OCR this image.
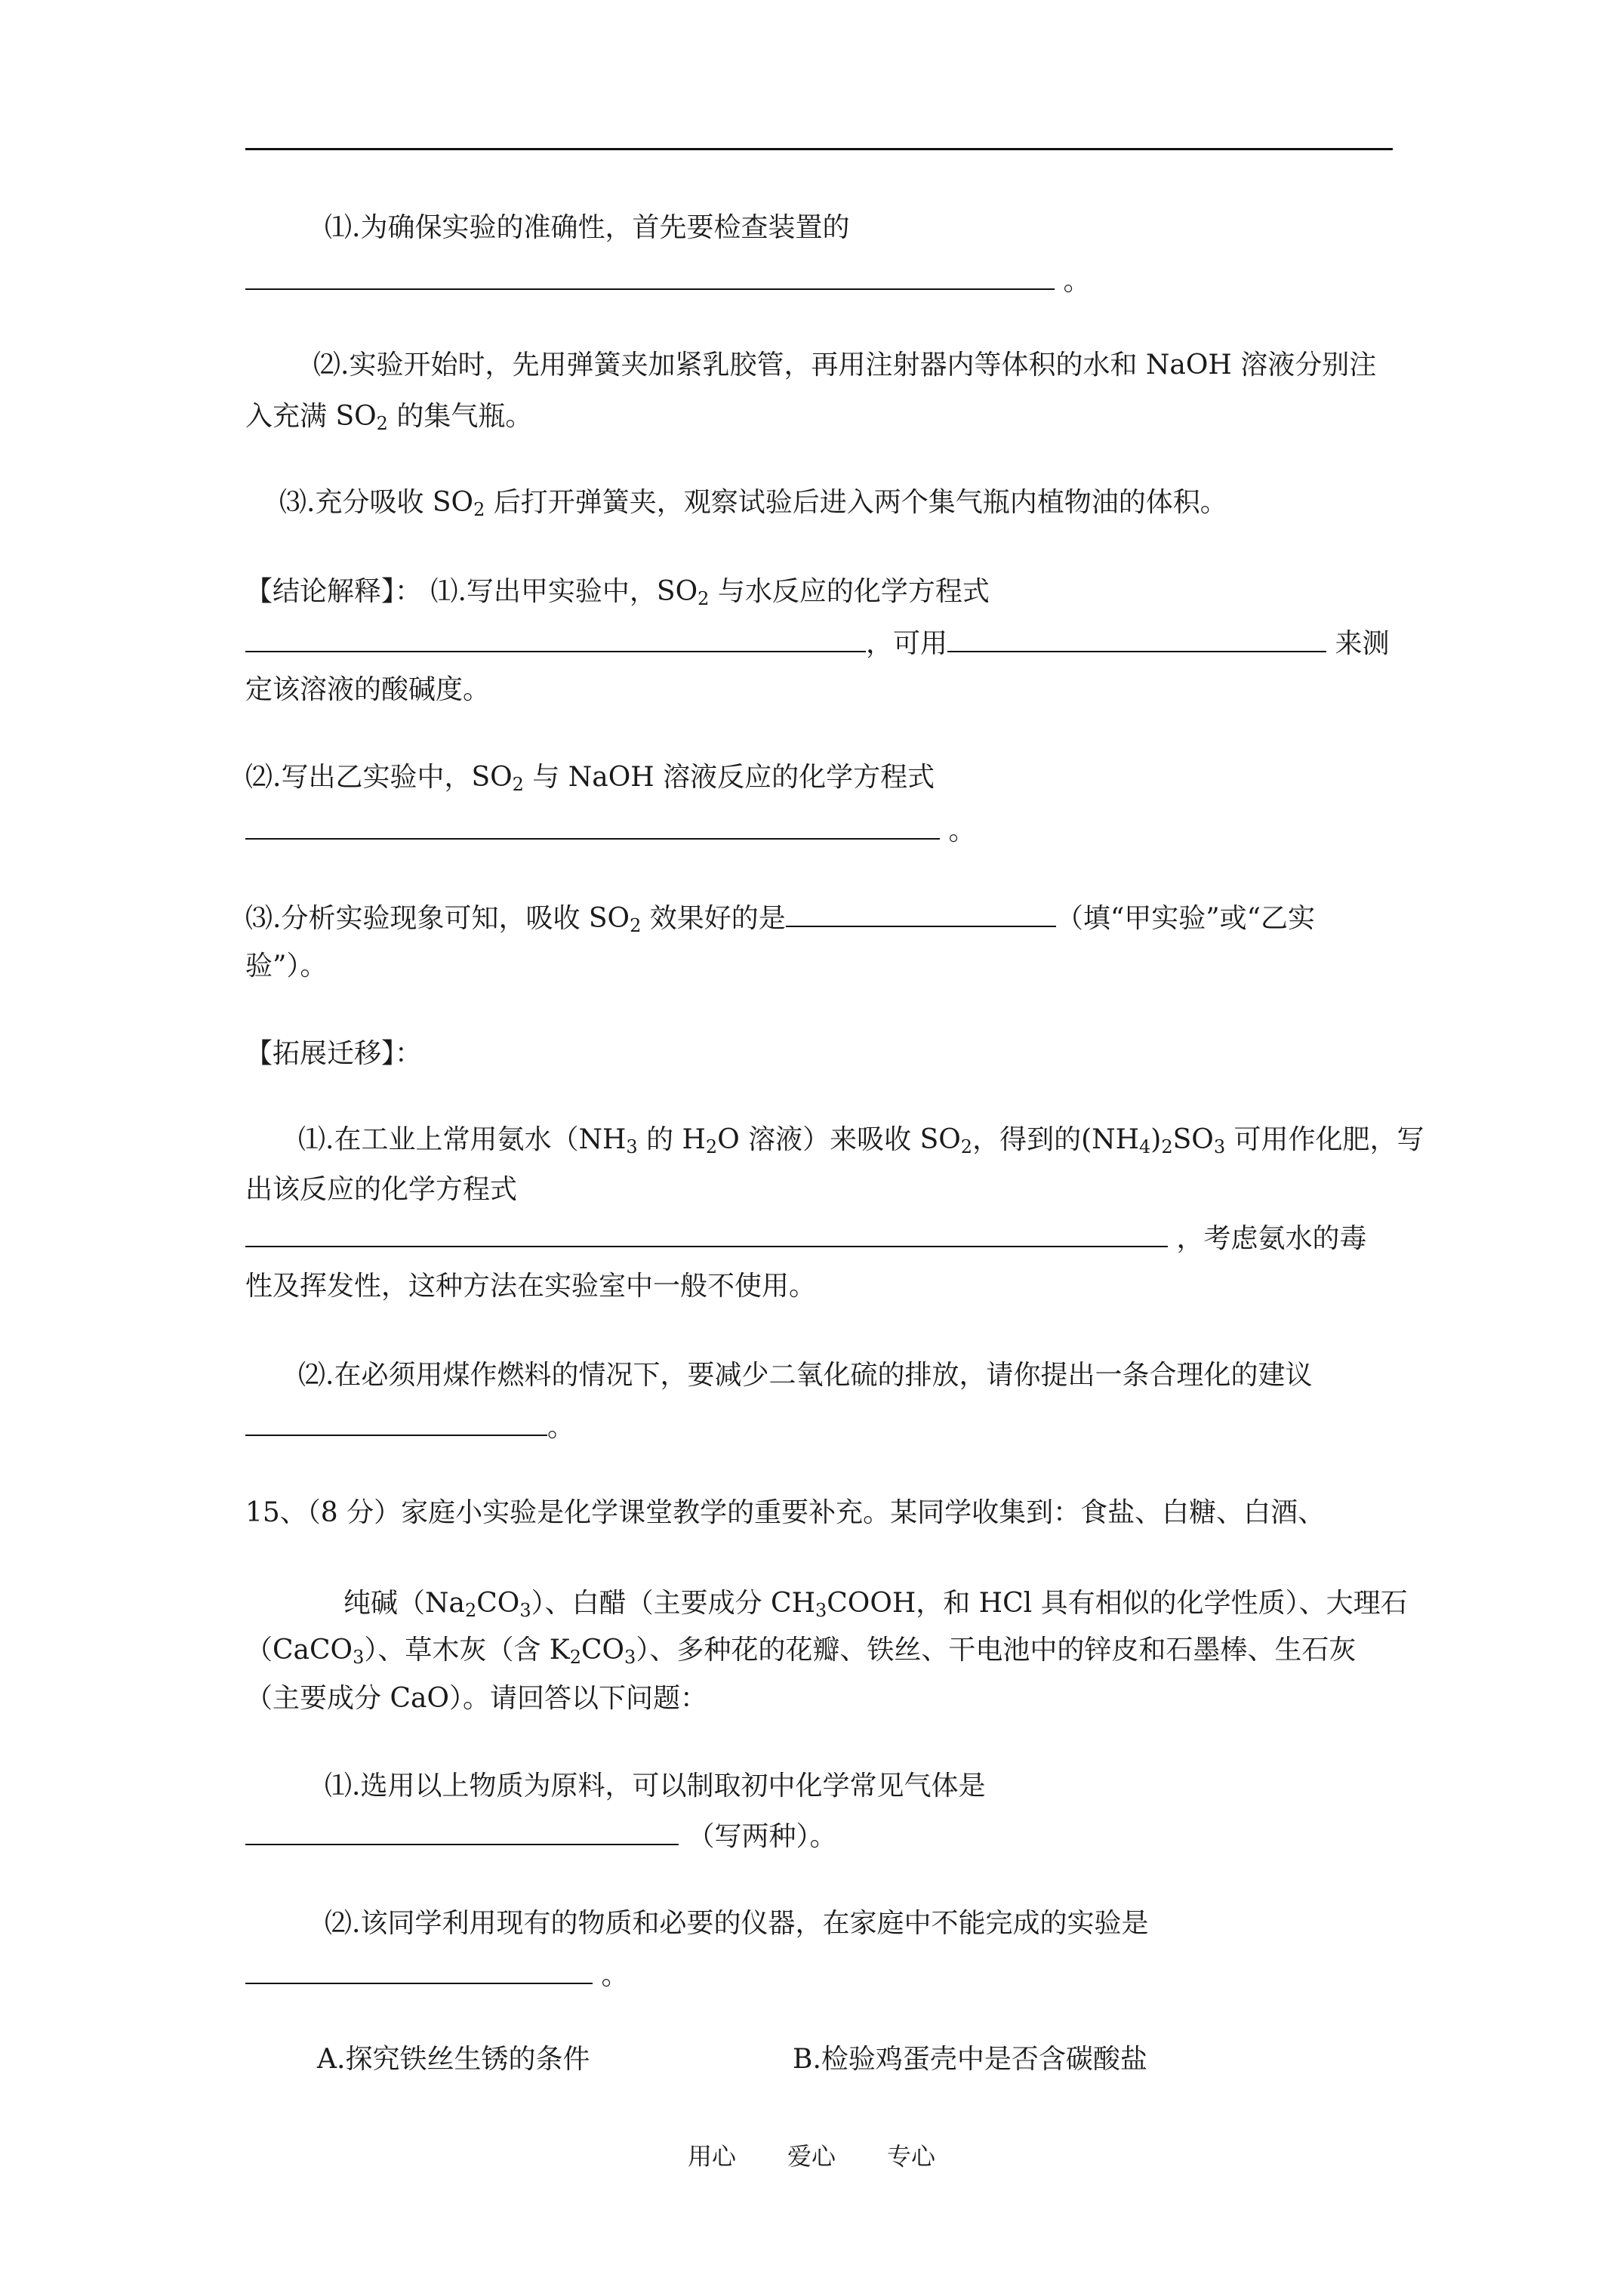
⑴.为确保实验的准确性，首先要检查装置的
。
⑵.实验开始时，先用弹簧夹加紧乳胶管，再用注射器内等体积的水和 NaOH 溶液分别注
入充满 $SO_2$ 的集气瓶。
⑶.充分吸收 $SO_2$ 后打开弹簧夹，观察试验后进入两个集气瓶内植物油的体积。
【结论解释】： ⑴.写出甲实验中，$SO_2$ 与水反应的化学方程式
，可用	来测
定该溶液的酸碱度。
⑵.写出乙实验中，$SO_2$ 与 NaOH 溶液反应的化学方程式
。
⑶.分析实验现象可知，吸收 $SO_2$ 效果好的是	（填“甲实验”或“乙实
验”）。
【拓展迁移】：
⑴.在工业上常用氨水（$NH_3$ 的 $H_2O$ 溶液）来吸收 $SO_2$，得到的$(NH_4)_2SO_3$ 可用作化肥，写
出该反应的化学方程式
，考虑氨水的毒
性及挥发性，这种方法在实验室中一般不使用。
⑵.在必须用煤作燃料的情况下，要减少二氧化硫的排放，请你提出一条合理化的建议
。
15、（8 分）家庭小实验是化学课堂教学的重要补充。某同学收集到：食盐、白糖、白酒、
纯碱$(Na_2CO_3)$、白醋（主要成分 $CH_3COOH$，和 HCl 具有相似的化学性质）、大理石
（CaCO$_3$）、草木灰（含 $K_2CO_3$）、多种花的花瓣、铁丝、干电池中的锌皮和石墨棒、生石灰
（主要成分 CaO）。请回答以下问题：
⑴.选用以上物质为原料，可以制取初中化学常见气体是
（写两种）。
⑵.该同学利用现有的物质和必要的仪器，在家庭中不能完成的实验是
。
A.探究铁丝生锈的条件	B.检验鸡蛋壳中是否含碳酸盐
用心 爱心 专心
